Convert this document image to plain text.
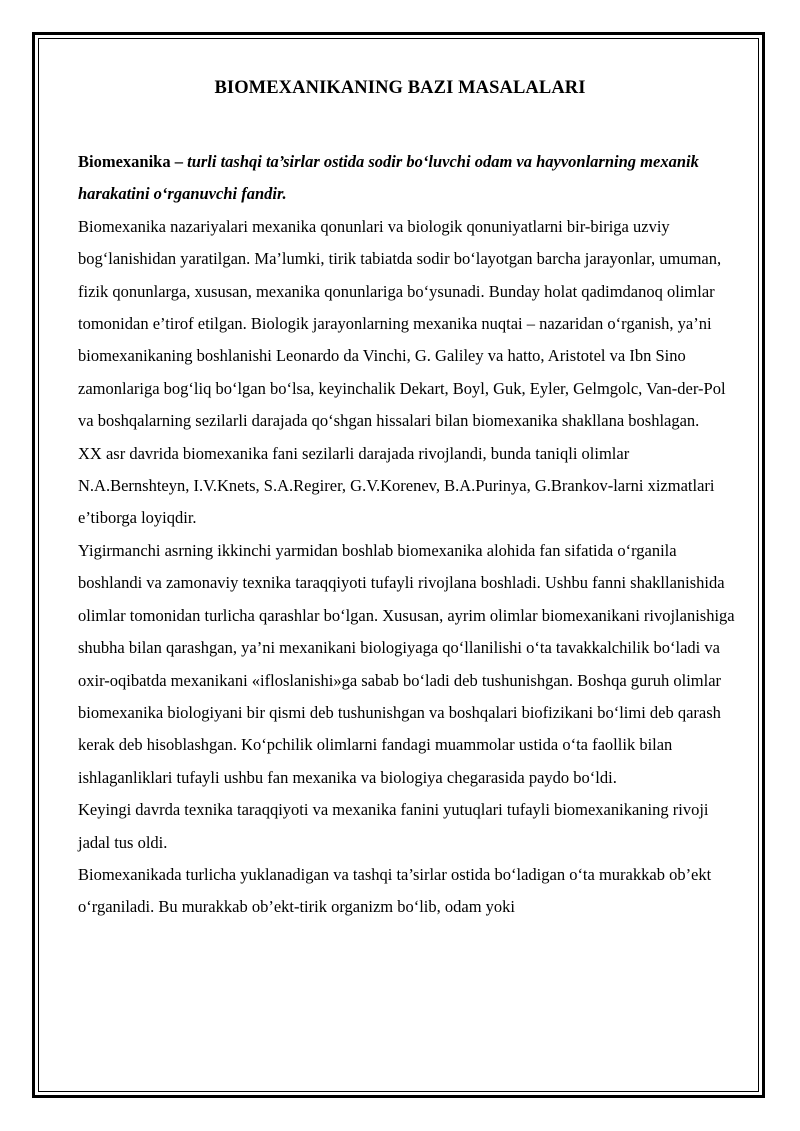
BIOMEXANIKANING BAZI MASALALARI

Biomexanika – turli tashqi ta’sirlar ostida sodir bo‘luvchi odam va hayvonlarning mexanik harakatini o‘rganuvchi fandir.

Biomexanika nazariyalari mexanika qonunlari va biologik qonuniyatlarni bir-biriga uzviy bog‘lanishidan yaratilgan. Ma’lumki, tirik tabiatda sodir bo‘layotgan barcha jarayonlar, umuman, fizik qonunlarga, xususan, mexanika qonunlariga bo‘ysunadi. Bunday holat qadimdanoq olimlar tomonidan e’tirof etilgan. Biologik jarayonlarning mexanika nuqtai – nazaridan o‘rganish, ya’ni biomexanikaning boshlanishi Leonardo da Vinchi, G. Galiley va hatto, Aristotel va Ibn Sino zamonlariga bog‘liq bo‘lgan bo‘lsa, keyinchalik Dekart, Boyl, Guk, Eyler, Gelmgolc, Van-der-Pol va boshqalarning sezilarli darajada qo‘shgan hissalari bilan biomexanika shakllana boshlagan.

XX asr davrida biomexanika fani sezilarli darajada rivojlandi, bunda taniqli olimlar N.A.Bernshteyn, I.V.Knets, S.A.Regirer, G.V.Korenev, B.A.Purinya, G.Brankov-larni xizmatlari e’tiborga loyiqdir.

Yigirmanchi asrning ikkinchi yarmidan boshlab biomexanika alohida fan sifatida o‘rganila boshlandi va zamonaviy texnika taraqqiyoti tufayli rivojlana boshladi. Ushbu fanni shakllanishida olimlar tomonidan turlicha qarashlar bo‘lgan. Xususan, ayrim olimlar biomexanikani rivojlanishiga shubha bilan qarashgan, ya’ni mexanikani biologiyaga qo‘llanilishi o‘ta tavakkalchilik bo‘ladi va oxir-oqibatda mexanikani «ifloslanishi»ga sabab bo‘ladi deb tushunishgan. Boshqa guruh olimlar biomexanika biologiyani bir qismi deb tushunishgan va boshqalari biofizikani bo‘limi deb qarash kerak deb hisoblashgan. Ko‘pchilik olimlarni fandagi muammolar ustida o‘ta faollik bilan ishlaganliklari tufayli ushbu fan mexanika va biologiya chegarasida paydo bo‘ldi.

Keyingi davrda texnika taraqqiyoti va mexanika fanini yutuqlari tufayli biomexanikaning rivoji jadal tus oldi.

Biomexanikada turlicha yuklanadigan va tashqi ta’sirlar ostida bo‘ladigan o‘ta murakkab ob’ekt o‘rganiladi. Bu murakkab ob’ekt-tirik organizm bo‘lib, odam yoki
